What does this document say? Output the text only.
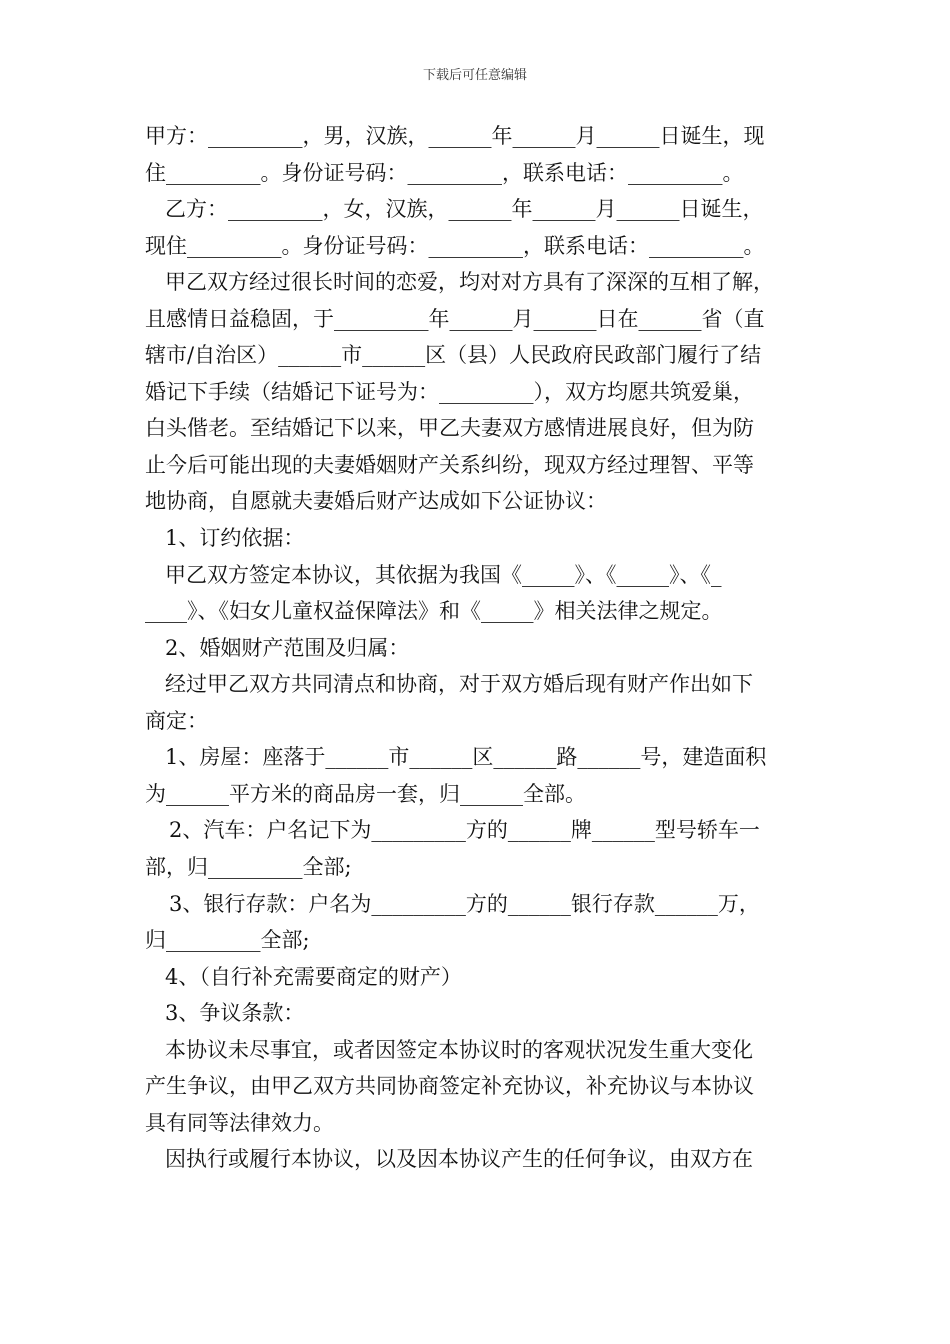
下载后可任意编辑
甲方：_________，男，汉族，______年______月______日诞生，现
住_________。身份证号码：_________，联系电话：_________。
乙方：_________，女，汉族，______年______月______日诞生，
现住_________。身份证号码：_________，联系电话：_________。
甲乙双方经过很长时间的恋爱，均对对方具有了深深的互相了解，
且感情日益稳固，于_________年______月______日在______省（直
辖市/自治区）______市______区（县）人民政府民政部门履行了结
婚记下手续（结婚记下证号为：_________），双方均愿共筑爱巢，
白头偕老。至结婚记下以来，甲乙夫妻双方感情进展良好，但为防
止今后可能出现的夫妻婚姻财产关系纠纷，现双方经过理智、平等
地协商，自愿就夫妻婚后财产达成如下公证协议：
1、订约依据：
甲乙双方签定本协议，其依据为我国《_____》、《_____》、《_
____》、《妇女儿童权益保障法》和《_____》相关法律之规定。
2、婚姻财产范围及归属：
经过甲乙双方共同清点和协商，对于双方婚后现有财产作出如下
商定：
1、房屋：座落于______市______区______路______号，建造面积
为______平方米的商品房一套，归______全部。
2、汽车：户名记下为_________方的______牌______型号轿车一
部，归_________全部;
3、银行存款：户名为_________方的______银行存款______万，
归_________全部;
4、（自行补充需要商定的财产）
3、争议条款：
本协议未尽事宜，或者因签定本协议时的客观状况发生重大变化
产生争议，由甲乙双方共同协商签定补充协议，补充协议与本协议
具有同等法律效力。
因执行或履行本协议，以及因本协议产生的任何争议，由双方在
